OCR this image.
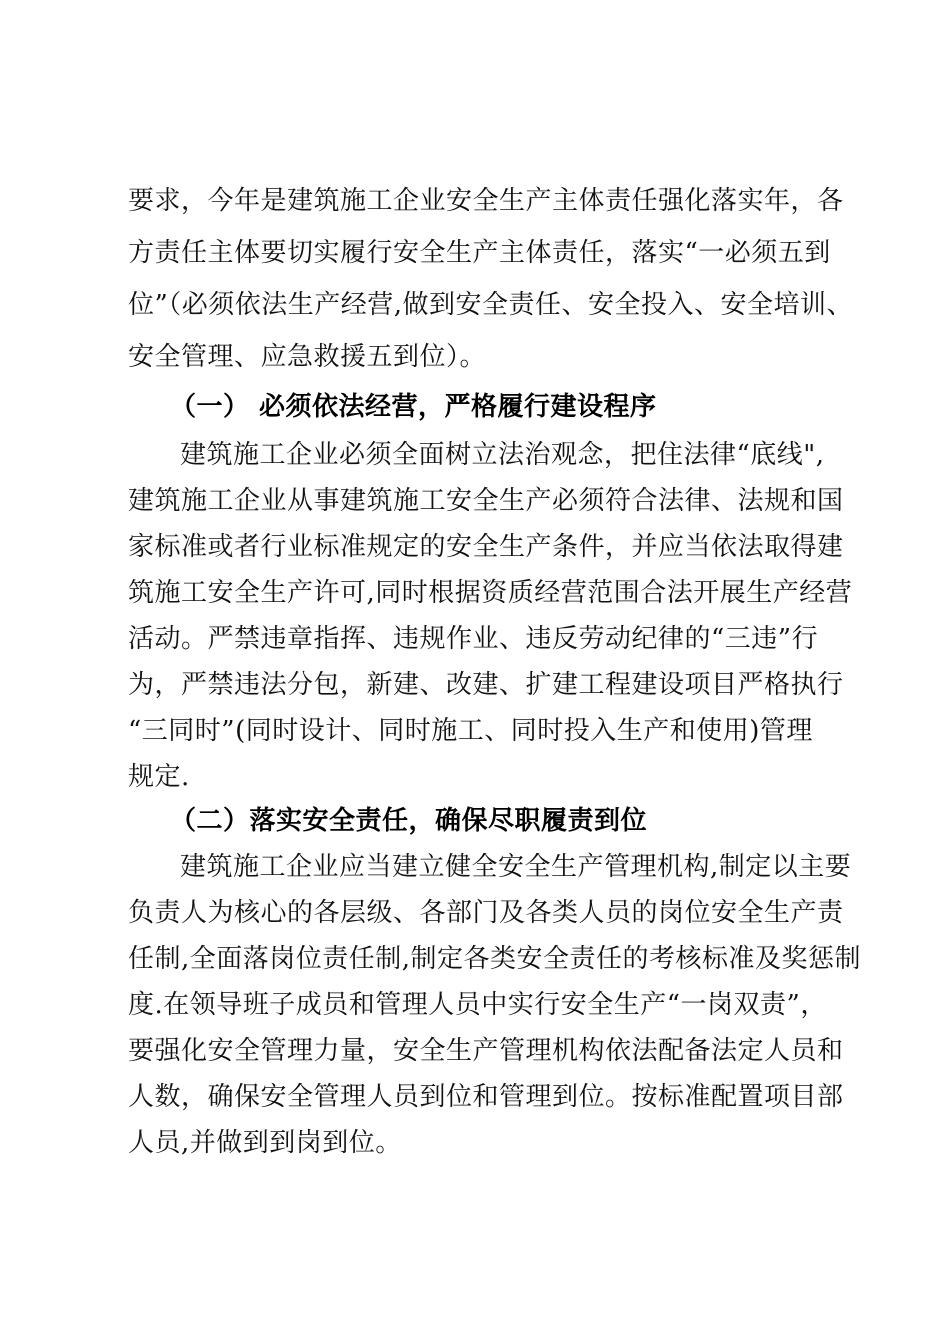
要求，今年是建筑施工企业安全生产主体责任强化落实年，各
方责任主体要切实履行安全生产主体责任，落实“一必须五到
位”（必须依法生产经营,做到安全责任、安全投入、安全培训、
安全管理、应急救援五到位）。
（一） 必须依法经营，严格履行建设程序
建筑施工企业必须全面树立法治观念，把住法律“底线",
建筑施工企业从事建筑施工安全生产必须符合法律、法规和国
家标准或者行业标准规定的安全生产条件，并应当依法取得建
筑施工安全生产许可,同时根据资质经营范围合法开展生产经营
活动。严禁违章指挥、违规作业、违反劳动纪律的“三违”行
为，严禁违法分包，新建、改建、扩建工程建设项目严格执行
“三同时”(同时设计、同时施工、同时投入生产和使用)管理
规定.
（二）落实安全责任，确保尽职履责到位
建筑施工企业应当建立健全安全生产管理机构,制定以主要
负责人为核心的各层级、各部门及各类人员的岗位安全生产责
任制,全面落岗位责任制,制定各类安全责任的考核标准及奖惩制
度.在领导班子成员和管理人员中实行安全生产“一岗双责”，
要强化安全管理力量，安全生产管理机构依法配备法定人员和
人数，确保安全管理人员到位和管理到位。按标准配置项目部
人员,并做到到岗到位。
